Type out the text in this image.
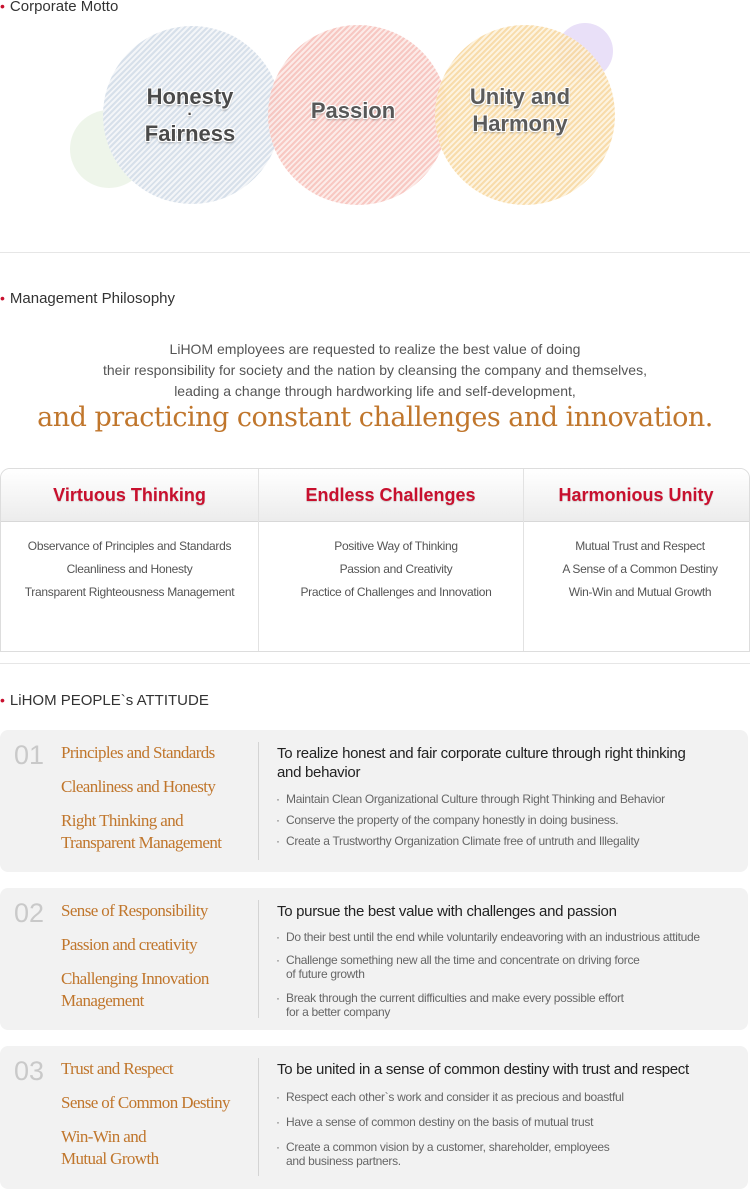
• Corporate Motto
Honesty
·
Fairness
Passion
Unity and
Harmony
• Management Philosophy
LiHOM employees are requested to realize the best value of doing
their responsibility for society and the nation by cleansing the company and themselves,
leading a change through hardworking life and self-development,
and practicing constant challenges and innovation.
Virtuous Thinking	Endless Challenges	Harmonious Unity
Observance of Principles and Standards
Cleanliness and Honesty
Transparent Righteousness Management
Positive Way of Thinking
Passion and Creativity
Practice of Challenges and Innovation
Mutual Trust and Respect
A Sense of a Common Destiny
Win-Win and Mutual Growth
• LiHOM PEOPLE`s ATTITUDE
01 Principles and Standards
Cleanliness and Honesty
Right Thinking and
Transparent Management
To realize honest and fair corporate culture through right thinking
and behavior
· Maintain Clean Organizational Culture through Right Thinking and Behavior
· Conserve the property of the company honestly in doing business.
· Create a Trustworthy Organization Climate free of untruth and Illegality
02 Sense of Responsibility
Passion and creativity
Challenging Innovation
Management
To pursue the best value with challenges and passion
· Do their best until the end while voluntarily endeavoring with an industrious attitude
· Challenge something new all the time and concentrate on driving force
of future growth
· Break through the current difficulties and make every possible effort
for a better company
03 Trust and Respect
Sense of Common Destiny
Win-Win and
Mutual Growth
To be united in a sense of common destiny with trust and respect
· Respect each other`s work and consider it as precious and boastful
· Have a sense of common destiny on the basis of mutual trust
· Create a common vision by a customer, shareholder, employees
and business partners.
